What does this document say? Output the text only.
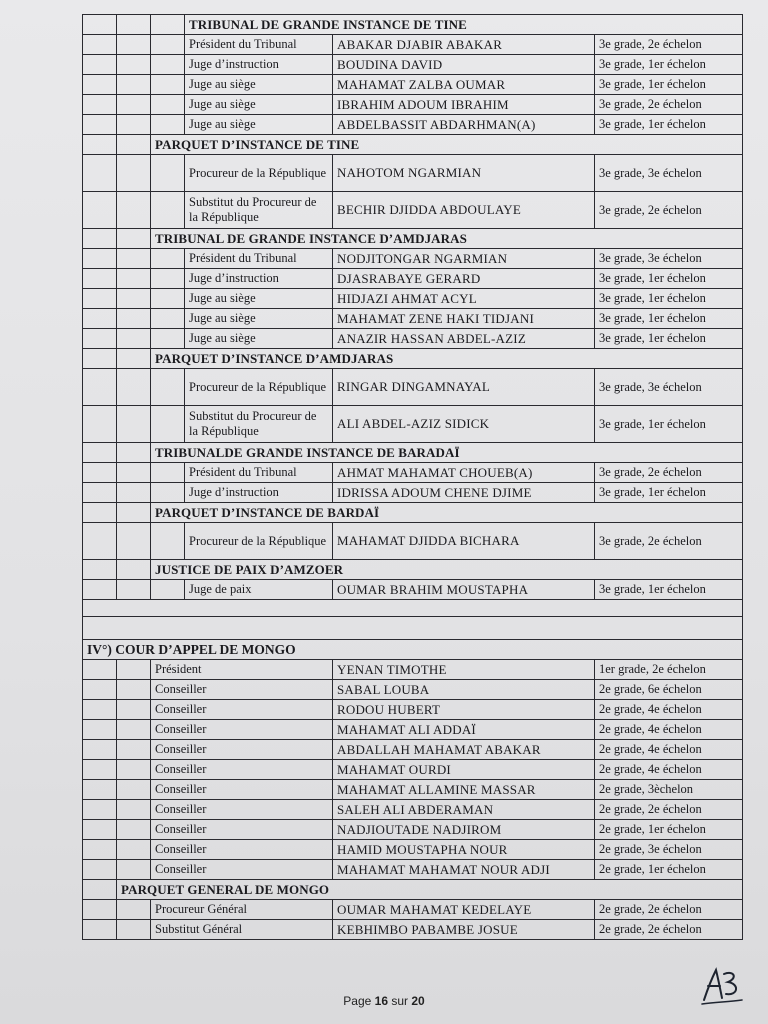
			TRIBUNAL DE GRANDE INSTANCE DE TINE		
			Président du Tribunal	ABAKAR DJABIR ABAKAR	3e grade, 2e échelon
			Juge d’instruction	BOUDINA DAVID	3e grade, 1er échelon
			Juge au siège	MAHAMAT ZALBA OUMAR	3e grade, 1er échelon
			Juge au siège	IBRAHIM ADOUM IBRAHIM	3e grade, 2e échelon
			Juge au siège	ABDELBASSIT ABDARHMAN(A)	3e grade, 1er échelon
		PARQUET D’INSTANCE DE TINE			
			Procureur de la République	NAHOTOM NGARMIAN	3e grade, 3e échelon
			Substitut du Procureur de la République	BECHIR DJIDDA ABDOULAYE	3e grade, 2e échelon
		TRIBUNAL DE GRANDE INSTANCE D’AMDJARAS			
			Président du Tribunal	NODJITONGAR NGARMIAN	3e grade, 3e échelon
			Juge d’instruction	DJASRABAYE GERARD	3e grade, 1er échelon
			Juge au siège	HIDJAZI AHMAT ACYL	3e grade, 1er échelon
			Juge au siège	MAHAMAT ZENE HAKI TIDJANI	3e grade, 1er échelon
			Juge au siège	ANAZIR HASSAN ABDEL-AZIZ	3e grade, 1er échelon
		PARQUET D’INSTANCE D’AMDJARAS			
			Procureur de la République	RINGAR DINGAMNAYAL	3e grade, 3e échelon
			Substitut du Procureur de la République	ALI ABDEL-AZIZ SIDICK	3e grade, 1er échelon
		TRIBUNALDE GRANDE INSTANCE DE BARADAÏ			
			Président du Tribunal	AHMAT MAHAMAT CHOUEB(A)	3e grade, 2e échelon
			Juge d’instruction	IDRISSA ADOUM CHENE DJIME	3e grade, 1er échelon
		PARQUET D’INSTANCE DE BARDAÏ			
			Procureur de la République	MAHAMAT DJIDDA BICHARA	3e grade, 2e échelon
		JUSTICE DE PAIX D’AMZOER			
			Juge de paix	OUMAR BRAHIM MOUSTAPHA	3e grade, 1er échelon

IV°) COUR D’APPEL DE MONGO					
		Président		YENAN TIMOTHE	1er grade, 2e échelon
		Conseiller		SABAL LOUBA	2e grade, 6e échelon
		Conseiller		RODOU HUBERT	2e grade, 4e échelon
		Conseiller		MAHAMAT ALI ADDAÏ	2e grade, 4e échelon
		Conseiller		ABDALLAH MAHAMAT ABAKAR	2e grade, 4e échelon
		Conseiller		MAHAMAT OURDI	2e grade, 4e échelon
		Conseiller		MAHAMAT ALLAMINE MASSAR	2e grade, 3èchelon
		Conseiller		SALEH ALI ABDERAMAN	2e grade, 2e échelon
		Conseiller		NADJIOUTADE NADJIROM	2e grade, 1er échelon
		Conseiller		HAMID MOUSTAPHA NOUR	2e grade, 3e échelon
		Conseiller		MAHAMAT MAHAMAT NOUR ADJI	2e grade, 1er échelon
	PARQUET GENERAL DE MONGO				
		Procureur Général		OUMAR MAHAMAT KEDELAYE	2e grade, 2e échelon
		Substitut Général		KEBHIMBO PABAMBE JOSUE	2e grade, 2e échelon
Page 16 sur 20
